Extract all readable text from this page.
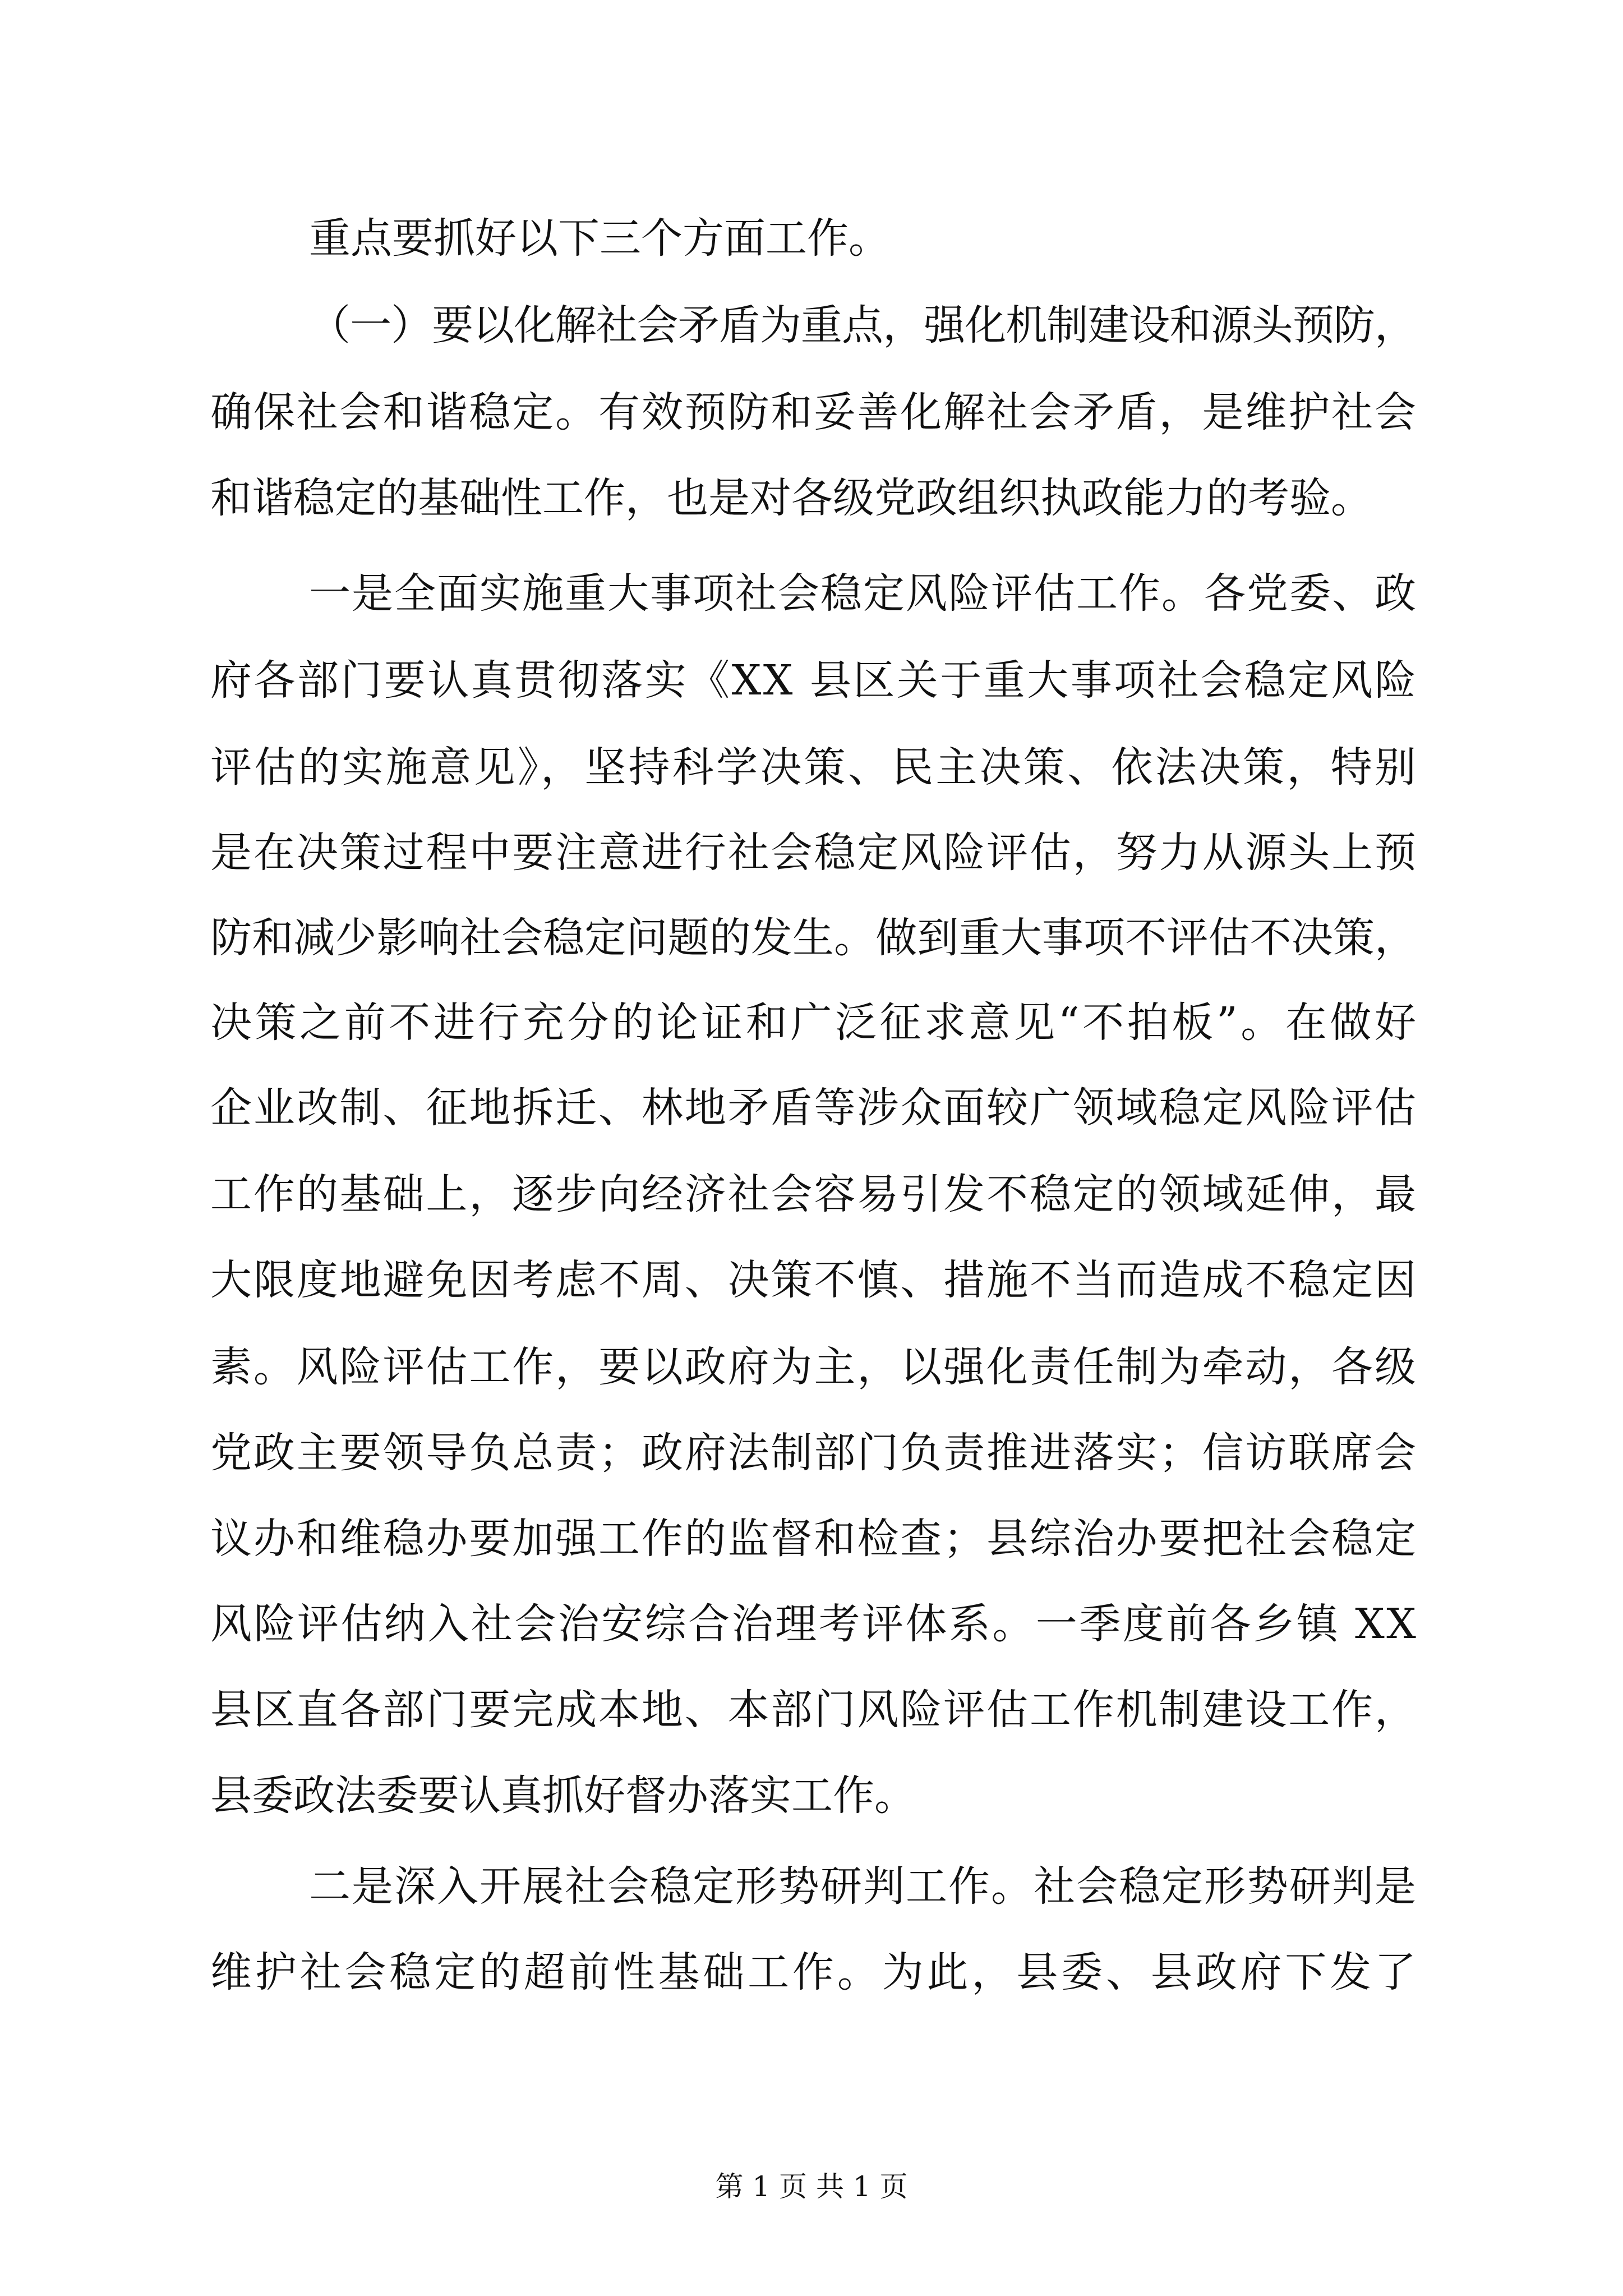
重点要抓好以下三个方面工作。
（一）要以化解社会矛盾为重点，强化机制建设和源头预防，
确保社会和谐稳定。有效预防和妥善化解社会矛盾，是维护社会
和谐稳定的基础性工作，也是对各级党政组织执政能力的考验。
一是全面实施重大事项社会稳定风险评估工作。各党委、政
府各部门要认真贯彻落实《XX 县区关于重大事项社会稳定风险
评估的实施意见》，坚持科学决策、民主决策、依法决策，特别
是在决策过程中要注意进行社会稳定风险评估，努力从源头上预
防和减少影响社会稳定问题的发生。做到重大事项不评估不决策，
决策之前不进行充分的论证和广泛征求意见“不拍板”。在做好
企业改制、征地拆迁、林地矛盾等涉众面较广领域稳定风险评估
工作的基础上，逐步向经济社会容易引发不稳定的领域延伸，最
大限度地避免因考虑不周、决策不慎、措施不当而造成不稳定因
素。风险评估工作，要以政府为主，以强化责任制为牵动，各级
党政主要领导负总责；政府法制部门负责推进落实；信访联席会
议办和维稳办要加强工作的监督和检查；县综治办要把社会稳定
风险评估纳入社会治安综合治理考评体系。一季度前各乡镇 XX
县区直各部门要完成本地、本部门风险评估工作机制建设工作，
县委政法委要认真抓好督办落实工作。
二是深入开展社会稳定形势研判工作。社会稳定形势研判是
维护社会稳定的超前性基础工作。为此，县委、县政府下发了
第 1 页 共 1 页
